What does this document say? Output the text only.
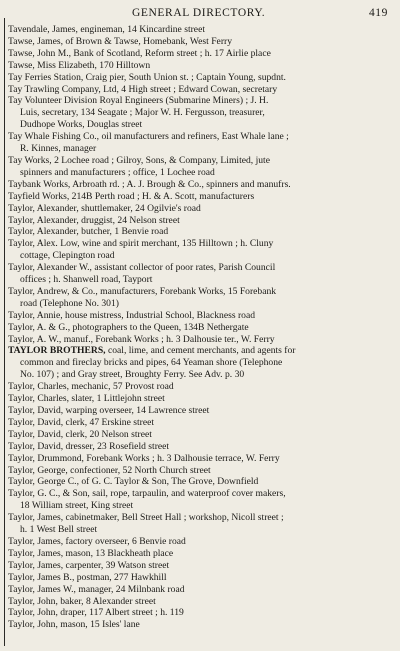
GENERAL DIRECTORY.	419
Tavendale, James, engineman, 14 Kincardine street
Tawse, James, of Brown & Tawse, Homebank, West Ferry
Tawse, John M., Bank of Scotland, Reform street ; h. 17 Airlie place
Tawse, Miss Elizabeth, 170 Hilltown
Tay Ferries Station, Craig pier, South Union st. ; Captain Young, supdnt.
Tay Trawling Company, Ltd, 4 High street ; Edward Cowan, secretary
Tay Volunteer Division Royal Engineers (Submarine Miners) ; J. H.
Luis, secretary, 134 Seagate ; Major W. H. Fergusson, treasurer,
Dudhope Works, Douglas street
Tay Whale Fishing Co., oil manufacturers and refiners, East Whale lane ;
R. Kinnes, manager
Tay Works, 2 Lochee road ; Gilroy, Sons, & Company, Limited, jute
spinners and manufacturers ; office, 1 Lochee road
Taybank Works, Arbroath rd. ; A. J. Brough & Co., spinners and manufrs.
Tayfield Works, 214B Perth road ; H. & A. Scott, manufacturers
Taylor, Alexander, shuttlemaker, 24 Ogilvie's road
Taylor, Alexander, druggist, 24 Nelson street
Taylor, Alexander, butcher, 1 Benvie road
Taylor, Alex. Low, wine and spirit merchant, 135 Hilltown ; h. Cluny
cottage, Clepington road
Taylor, Alexander W., assistant collector of poor rates, Parish Council
offices ; h. Shanwell road, Tayport
Taylor, Andrew, & Co., manufacturers, Forebank Works, 15 Forebank
road (Telephone No. 301)
Taylor, Annie, house mistress, Industrial School, Blackness road
Taylor, A. & G., photographers to the Queen, 134B Nethergate
Taylor, A. W., manuf., Forebank Works ; h. 3 Dalhousie ter., W. Ferry
TAYLOR BROTHERS, coal, lime, and cement merchants, and agents for
common and fireclay bricks and pipes, 64 Yeaman shore (Telephone
No. 107) ; and Gray street, Broughty Ferry. See Adv. p. 30
Taylor, Charles, mechanic, 57 Provost road
Taylor, Charles, slater, 1 Littlejohn street
Taylor, David, warping overseer, 14 Lawrence street
Taylor, David, clerk, 47 Erskine street
Taylor, David, clerk, 20 Nelson street
Taylor, David, dresser, 23 Rosefield street
Taylor, Drummond, Forebank Works ; h. 3 Dalhousie terrace, W. Ferry
Taylor, George, confectioner, 52 North Church street
Taylor, George C., of G. C. Taylor & Son, The Grove, Downfield
Taylor, G. C., & Son, sail, rope, tarpaulin, and waterproof cover makers,
18 William street, King street
Taylor, James, cabinetmaker, Bell Street Hall ; workshop, Nicoll street ;
h. 1 West Bell street
Taylor, James, factory overseer, 6 Benvie road
Taylor, James, mason, 13 Blackheath place
Taylor, James, carpenter, 39 Watson street
Taylor, James B., postman, 277 Hawkhill
Taylor, James W., manager, 24 Milnbank road
Taylor, John, baker, 8 Alexander street
Taylor, John, draper, 117 Albert street ; h. 119
Taylor, John, mason, 15 Isles' lane
